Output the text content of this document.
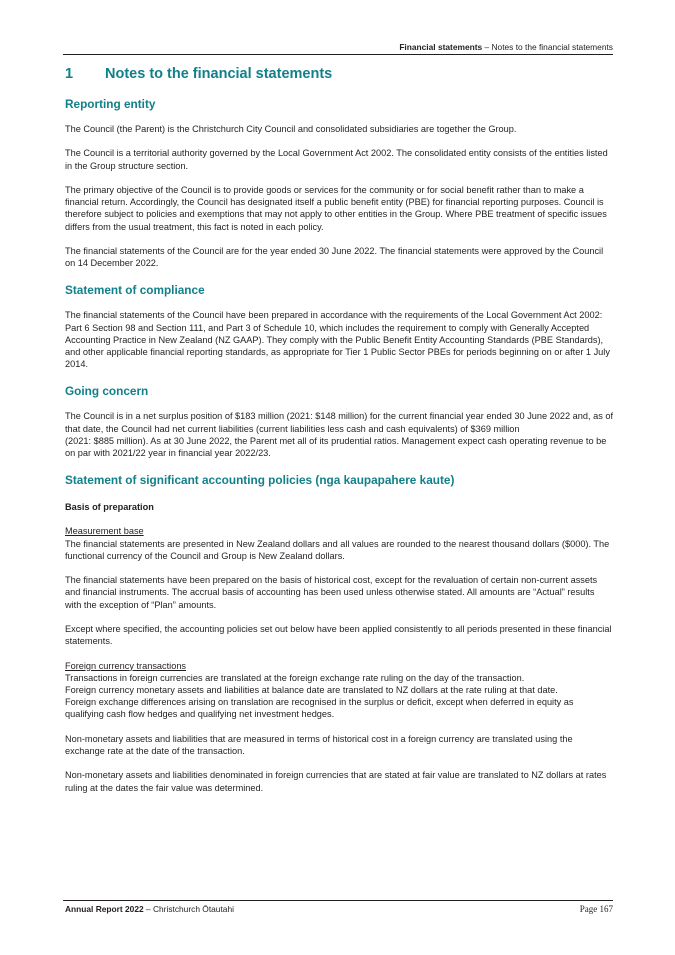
Financial statements – Notes to the financial statements
1	Notes to the financial statements
Reporting entity

The Council (the Parent) is the Christchurch City Council and consolidated subsidiaries are together the Group.

The Council is a territorial authority governed by the Local Government Act 2002. The consolidated entity consists of the entities listed in the Group structure section.

The primary objective of the Council is to provide goods or services for the community or for social benefit rather than to make a financial return. Accordingly, the Council has designated itself a public benefit entity (PBE) for financial reporting purposes. Council is therefore subject to policies and exemptions that may not apply to other entities in the Group. Where PBE treatment of specific issues differs from the usual treatment, this fact is noted in each policy.

The financial statements of the Council are for the year ended 30 June 2022. The financial statements were approved by the Council on 14 December 2022.

Statement of compliance

The financial statements of the Council have been prepared in accordance with the requirements of the Local Government Act 2002: Part 6 Section 98 and Section 111, and Part 3 of Schedule 10, which includes the requirement to comply with Generally Accepted Accounting Practice in New Zealand (NZ GAAP). They comply with the Public Benefit Entity Accounting Standards (PBE Standards), and other applicable financial reporting standards, as appropriate for Tier 1 Public Sector PBEs for periods beginning on or after 1 July 2014.

Going concern

The Council is in a net surplus position of $183 million (2021: $148 million) for the current financial year ended 30 June 2022 and, as of that date, the Council had net current liabilities (current liabilities less cash and cash equivalents) of $369 million
(2021: $885 million). As at 30 June 2022, the Parent met all of its prudential ratios. Management expect cash operating revenue to be on par with 2021/22 year in financial year 2022/23.

Statement of significant accounting policies (nga kaupapahere kaute)
Basis of preparation

Measurement base
The financial statements are presented in New Zealand dollars and all values are rounded to the nearest thousand dollars ($000). The functional currency of the Council and Group is New Zealand dollars.

The financial statements have been prepared on the basis of historical cost, except for the revaluation of certain non-current assets and financial instruments. The accrual basis of accounting has been used unless otherwise stated. All amounts are “Actual” results with the exception of “Plan” amounts.

Except where specified, the accounting policies set out below have been applied consistently to all periods presented in these financial statements.

Foreign currency transactions
Transactions in foreign currencies are translated at the foreign exchange rate ruling on the day of the transaction.
Foreign currency monetary assets and liabilities at balance date are translated to NZ dollars at the rate ruling at that date.
Foreign exchange differences arising on translation are recognised in the surplus or deficit, except when deferred in equity as qualifying cash flow hedges and qualifying net investment hedges.

Non-monetary assets and liabilities that are measured in terms of historical cost in a foreign currency are translated using the exchange rate at the date of the transaction.

Non-monetary assets and liabilities denominated in foreign currencies that are stated at fair value are translated to NZ dollars at rates ruling at the dates the fair value was determined.

Annual Report 2022 – Christchurch Ōtautahi	Page 167
